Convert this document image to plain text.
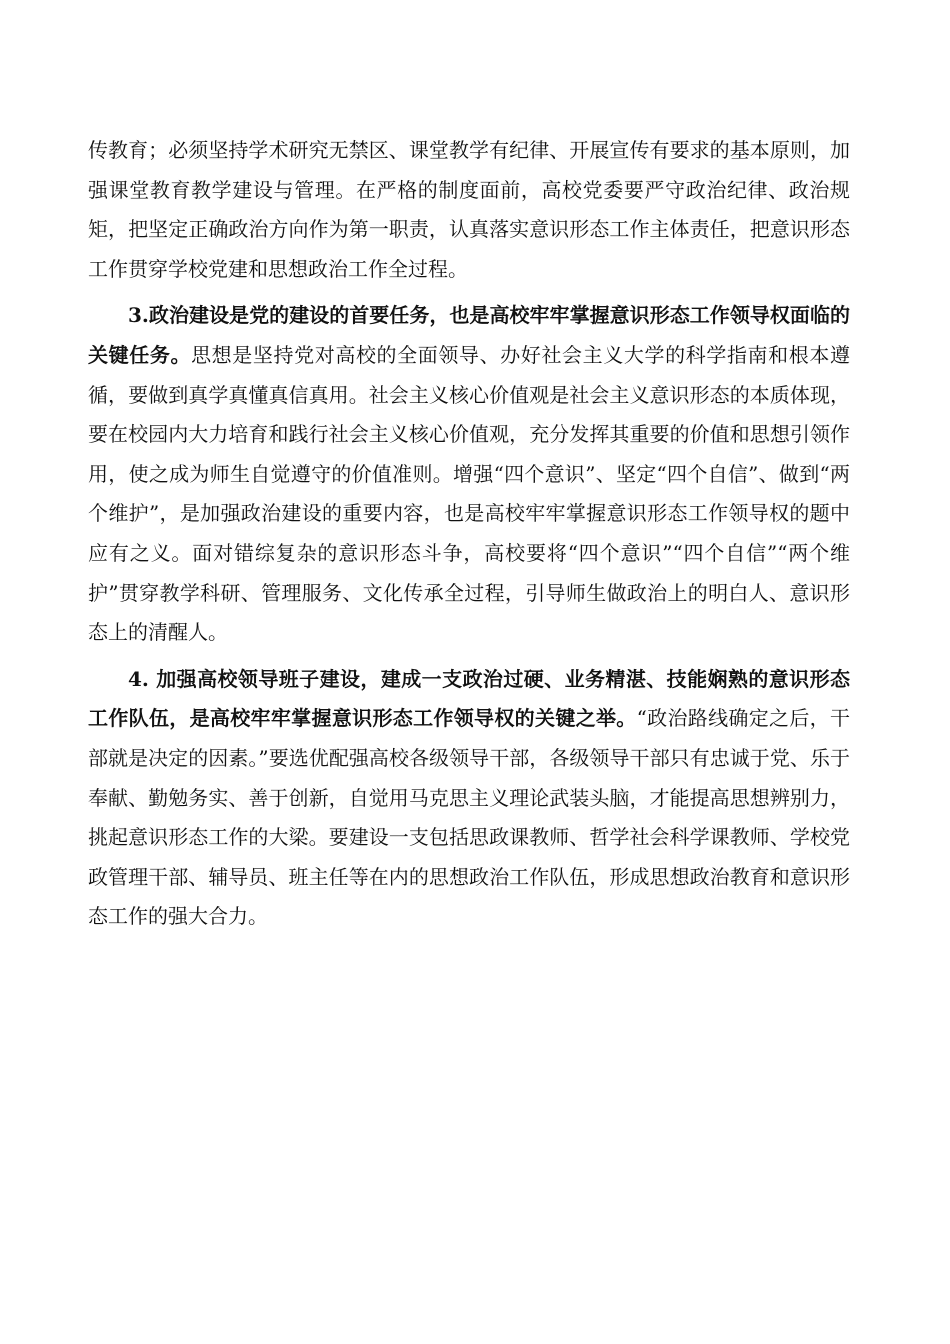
传教育；必须坚持学术研究无禁区、课堂教学有纪律、开展宣传有要求的基本原则，加强课堂教育教学建设与管理。在严格的制度面前，高校党委要严守政治纪律、政治规矩，把坚定正确政治方向作为第一职责，认真落实意识形态工作主体责任，把意识形态工作贯穿学校党建和思想政治工作全过程。

3.政治建设是党的建设的首要任务，也是高校牢牢掌握意识形态工作领导权面临的关键任务。思想是坚持党对高校的全面领导、办好社会主义大学的科学指南和根本遵循，要做到真学真懂真信真用。社会主义核心价值观是社会主义意识形态的本质体现，要在校园内大力培育和践行社会主义核心价值观，充分发挥其重要的价值和思想引领作用，使之成为师生自觉遵守的价值准则。增强“四个意识”、坚定“四个自信”、做到“两个维护”，是加强政治建设的重要内容，也是高校牢牢掌握意识形态工作领导权的题中应有之义。面对错综复杂的意识形态斗争，高校要将“四个意识”“四个自信”“两个维护”贯穿教学科研、管理服务、文化传承全过程，引导师生做政治上的明白人、意识形态上的清醒人。

4. 加强高校领导班子建设，建成一支政治过硬、业务精湛、技能娴熟的意识形态工作队伍，是高校牢牢掌握意识形态工作领导权的关键之举。“政治路线确定之后，干部就是决定的因素。”要选优配强高校各级领导干部，各级领导干部只有忠诚于党、乐于奉献、勤勉务实、善于创新，自觉用马克思主义理论武装头脑，才能提高思想辨别力，挑起意识形态工作的大梁。要建设一支包括思政课教师、哲学社会科学课教师、学校党政管理干部、辅导员、班主任等在内的思想政治工作队伍，形成思想政治教育和意识形态工作的强大合力。
